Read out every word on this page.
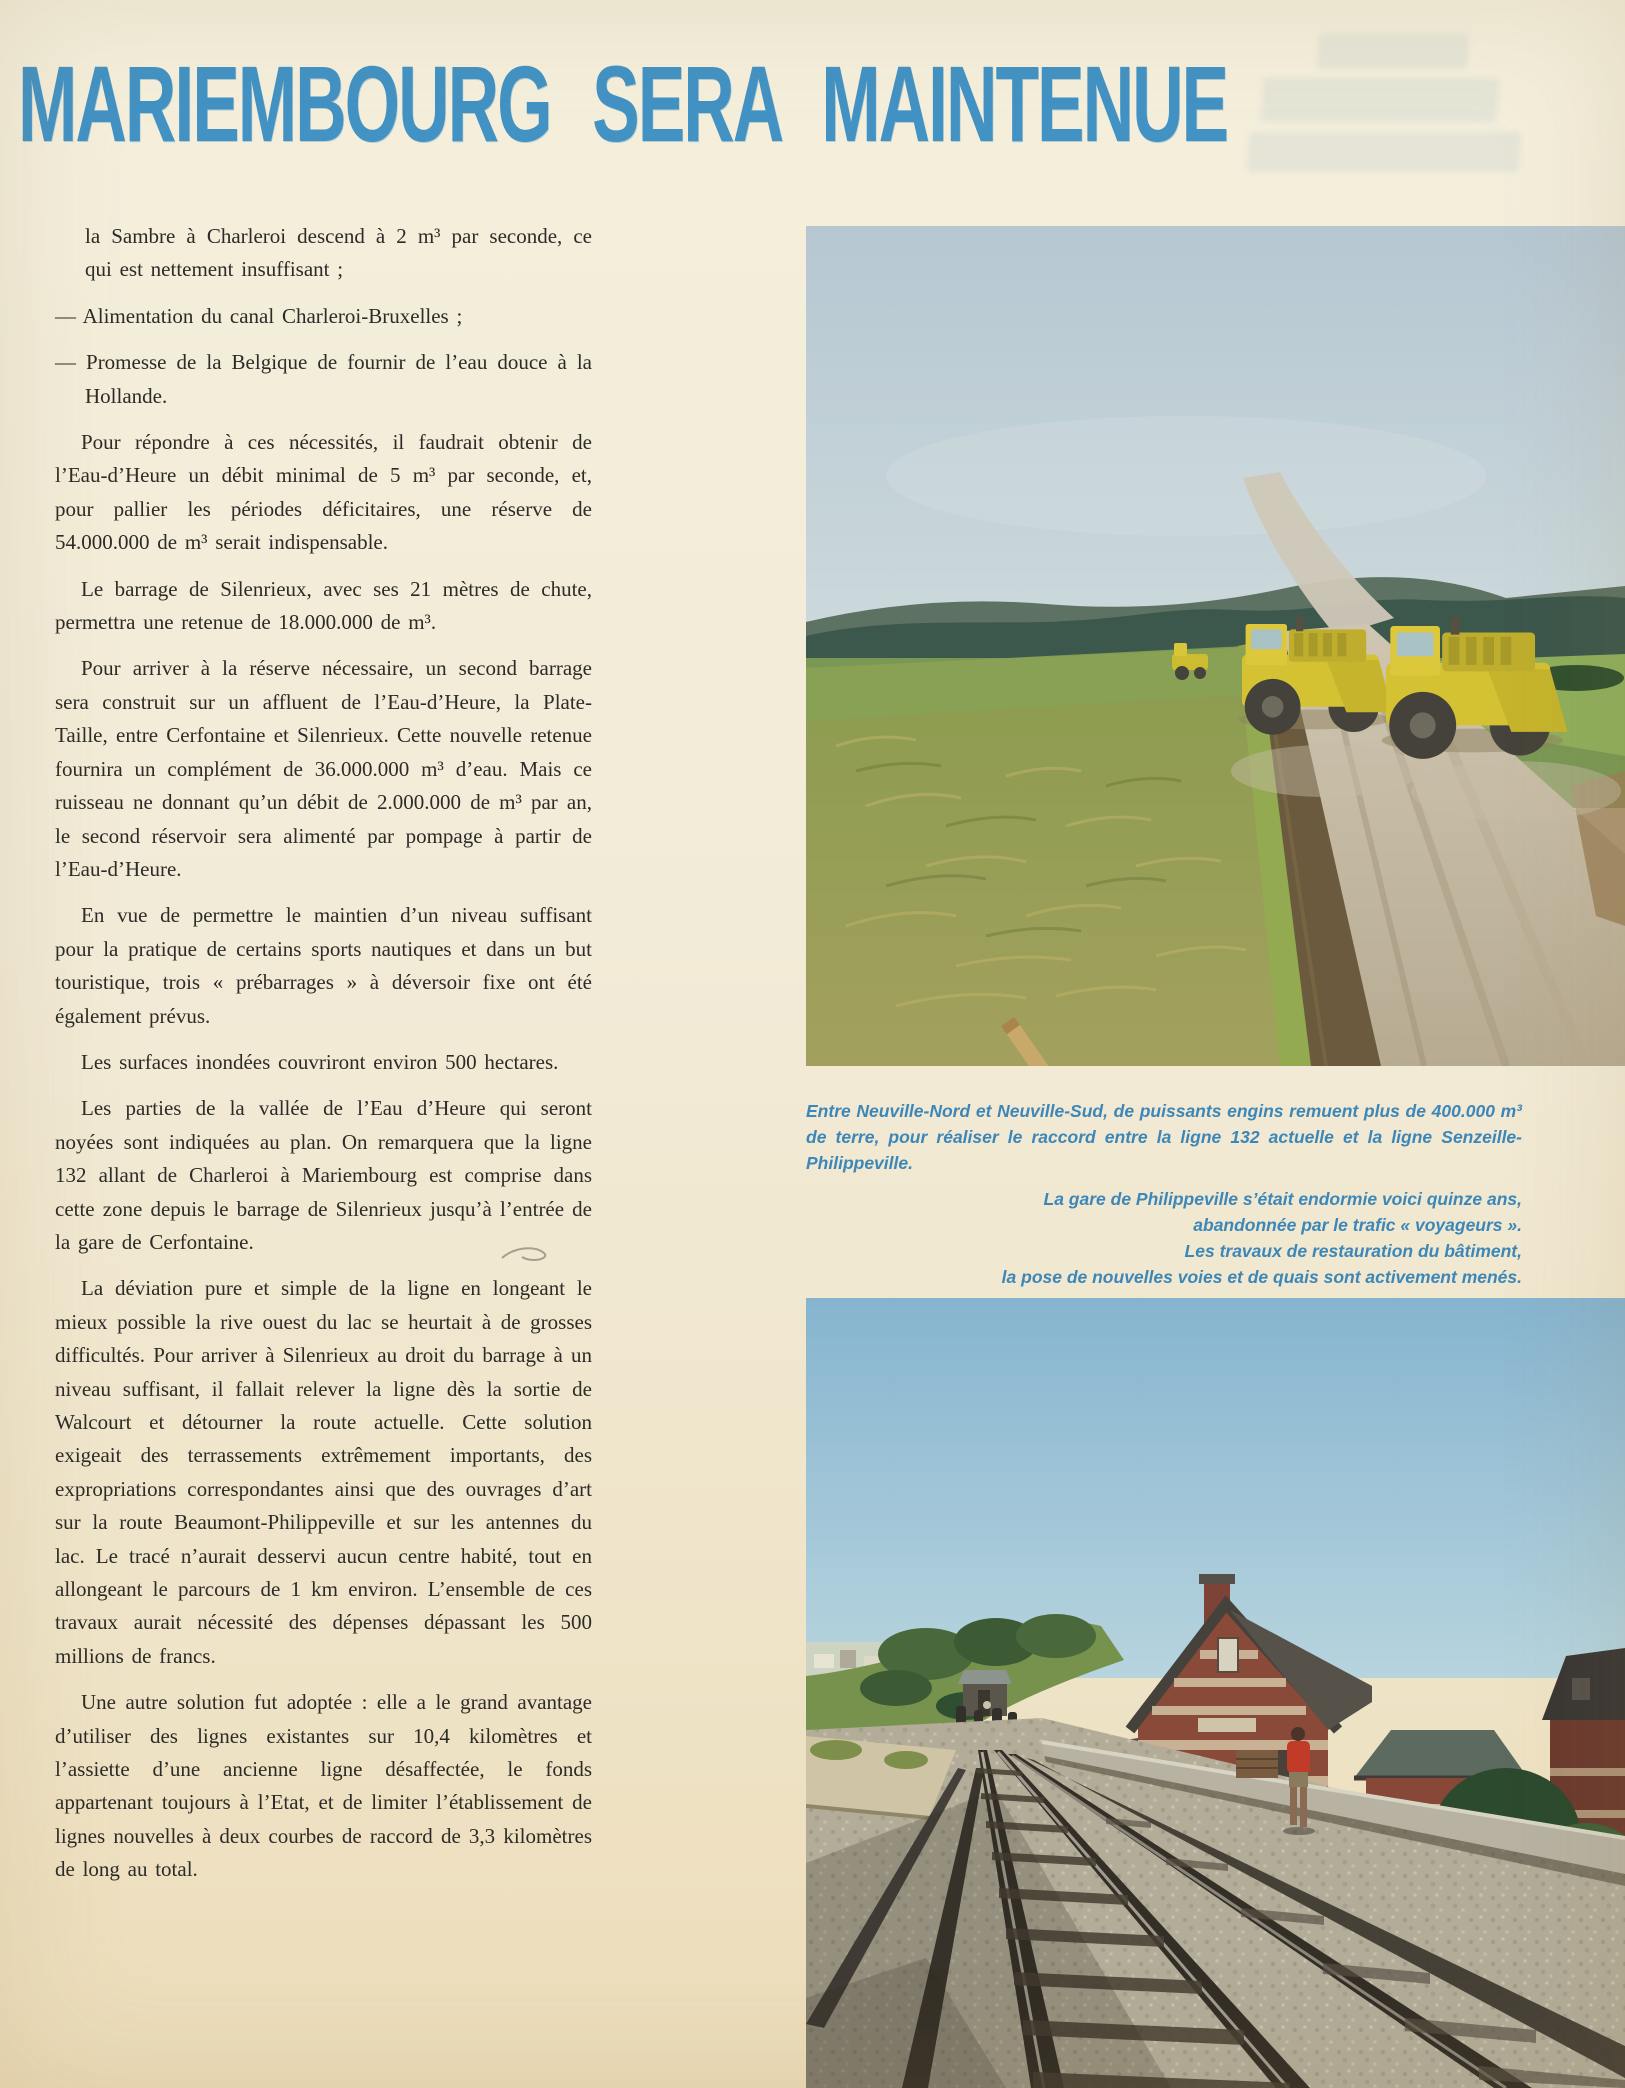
MARIEMBOURG SERA MAINTENUE

la Sambre à Charleroi descend à 2 m³ par seconde, ce qui est nettement insuffisant ;

— Alimentation du canal Charleroi-Bruxelles ;

— Promesse de la Belgique de fournir de l’eau douce à la Hollande.

Pour répondre à ces nécessités, il faudrait obtenir de l’Eau-d’Heure un débit minimal de 5 m³ par seconde, et, pour pallier les périodes déficitaires, une réserve de 54.000.000 de m³ serait indispensable.

Le barrage de Silenrieux, avec ses 21 mètres de chute, permettra une retenue de 18.000.000 de m³.

Pour arriver à la réserve nécessaire, un second barrage sera construit sur un affluent de l’Eau-d’Heure, la Plate-Taille, entre Cerfontaine et Silenrieux. Cette nouvelle retenue fournira un complément de 36.000.000 m³ d’eau. Mais ce ruisseau ne donnant qu’un débit de 2.000.000 de m³ par an, le second réservoir sera alimenté par pompage à partir de l’Eau-d’Heure.

En vue de permettre le maintien d’un niveau suffisant pour la pratique de certains sports nautiques et dans un but touristique, trois « prébarrages » à déversoir fixe ont été également prévus.

Les surfaces inondées couvriront environ 500 hectares.

Les parties de la vallée de l’Eau d’Heure qui seront noyées sont indiquées au plan. On remarquera que la ligne 132 allant de Charleroi à Mariembourg est comprise dans cette zone depuis le barrage de Silenrieux jusqu’à l’entrée de la gare de Cerfontaine.

La déviation pure et simple de la ligne en longeant le mieux possible la rive ouest du lac se heurtait à de grosses difficultés. Pour arriver à Silenrieux au droit du barrage à un niveau suffisant, il fallait relever la ligne dès la sortie de Walcourt et détourner la route actuelle. Cette solution exigeait des terrassements extrêmement importants, des expropriations correspondantes ainsi que des ouvrages d’art sur la route Beaumont-Philippeville et sur les antennes du lac. Le tracé n’aurait desservi aucun centre habité, tout en allongeant le parcours de 1 km environ. L’ensemble de ces travaux aurait nécessité des dépenses dépassant les 500 millions de francs.

Une autre solution fut adoptée : elle a le grand avantage d’utiliser des lignes existantes sur 10,4 kilomètres et l’assiette d’une ancienne ligne désaffectée, le fonds appartenant toujours à l’Etat, et de limiter l’établissement de lignes nouvelles à deux courbes de raccord de 3,3 kilomètres de long au total.

Entre Neuville-Nord et Neuville-Sud, de puissants engins remuent plus de 400.000 m³ de terre, pour réaliser le raccord entre la ligne 132 actuelle et la ligne Senzeille-Philippeville.

La gare de Philippeville s’était endormie voici quinze ans,
abandonnée par le trafic « voyageurs ».
Les travaux de restauration du bâtiment,
la pose de nouvelles voies et de quais sont activement menés.
